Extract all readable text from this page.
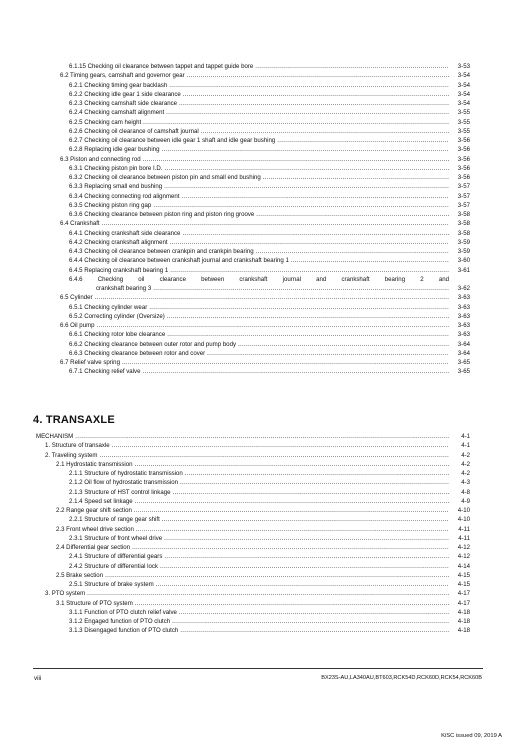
6.1.15 Checking oil clearance between tappet and tappet guide bore .....	3-53
6.2 Timing gears, camshaft and governor gear .....	3-54
6.2.1 Checking timing gear backlash .....	3-54
6.2.2 Checking idle gear 1 side clearance .....	3-54
6.2.3 Checking camshaft side clearance .....	3-54
6.2.4 Checking camshaft alignment .....	3-55
6.2.5 Checking cam height .....	3-55
6.2.6 Checking oil clearance of camshaft journal .....	3-55
6.2.7 Checking oil clearance between idle gear 1 shaft and idle gear bushing .....	3-56
6.2.8 Replacing idle gear bushing .....	3-56
6.3 Piston and connecting rod .....	3-56
6.3.1 Checking piston pin bore I.D. .....	3-56
6.3.2 Checking oil clearance between piston pin and small end bushing .....	3-56
6.3.3 Replacing small end bushing .....	3-57
6.3.4 Checking connecting rod alignment .....	3-57
6.3.5 Checking piston ring gap .....	3-57
6.3.6 Checking clearance between piston ring and piston ring groove .....	3-58
6.4 Crankshaft .....	3-58
6.4.1 Checking crankshaft side clearance .....	3-58
6.4.2 Checking crankshaft alignment .....	3-59
6.4.3 Checking oil clearance between crankpin and crankpin bearing .....	3-59
6.4.4 Checking oil clearance between crankshaft journal and crankshaft bearing 1 .....	3-60
6.4.5 Replacing crankshaft bearing 1 .....	3-61
6.4.6 Checking oil clearance between crankshaft journal and crankshaft bearing 2 and
crankshaft bearing 3 .....	3-62
6.5 Cylinder .....	3-63
6.5.1 Checking cylinder wear .....	3-63
6.5.2 Correcting cylinder (Oversize) .....	3-63
6.6 Oil pump .....	3-63
6.6.1 Checking rotor lobe clearance .....	3-63
6.6.2 Checking clearance between outer rotor and pump body .....	3-64
6.6.3 Checking clearance between rotor and cover .....	3-64
6.7 Relief valve spring .....	3-65
6.7.1 Checking relief valve .....	3-65
4. TRANSAXLE
MECHANISM .....	4-1
1. Structure of transaxle .....	4-1
2. Traveling system .....	4-2
2.1 Hydrostatic transmission .....	4-2
2.1.1 Structure of hydrostatic transmission .....	4-2
2.1.2 Oil flow of hydrostatic transmission .....	4-3
2.1.3 Structure of HST control linkage .....	4-8
2.1.4 Speed set linkage .....	4-9
2.2 Range gear shift section .....	4-10
2.2.1 Structure of range gear shift .....	4-10
2.3 Front wheel drive section .....	4-11
2.3.1 Structure of front wheel drive .....	4-11
2.4 Differential gear section .....	4-12
2.4.1 Structure of differential gears .....	4-12
2.4.2 Structure of differential lock .....	4-14
2.5 Brake section .....	4-15
2.5.1 Structure of brake system .....	4-15
3. PTO system .....	4-17
3.1 Structure of PTO system .....	4-17
3.1.1 Function of PTO clutch relief valve .....	4-18
3.1.2 Engaged function of PTO clutch .....	4-18
3.1.3 Disengaged function of PTO clutch .....	4-18
viii	BX23S-AU,LA340AU,BT603,RCK54D,RCK60D,RCK54,RCK60B
KiSC issued 09, 2019 A
